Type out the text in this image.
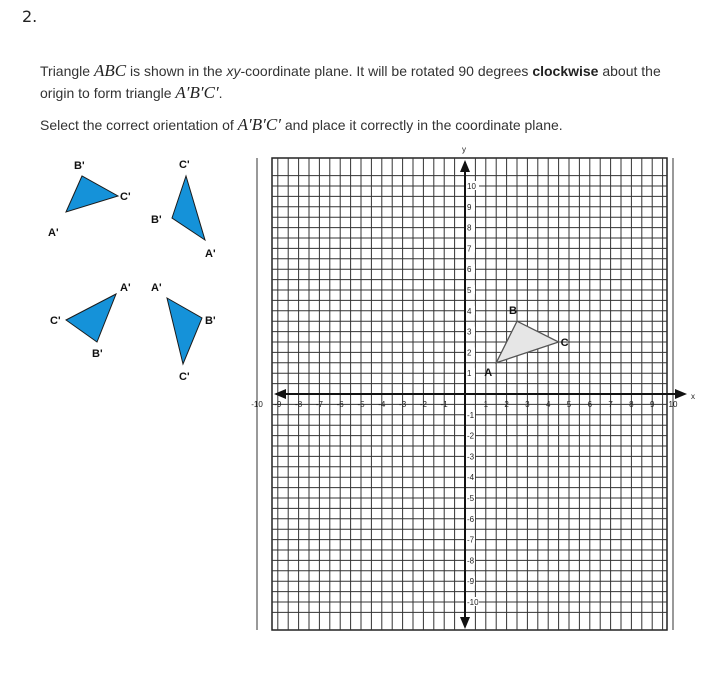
2.

Triangle ABC is shown in the xy-coordinate plane. It will be rotated 90 degrees clockwise about the origin to form triangle A′B′C′.

Select the correct orientation of A′B′C′ and place it correctly in the coordinate plane.

A'
B'
C'
A'
B'
C'
A'
B'
C'
A'
B'
C'
-10 -9 -8 -7 -6 -5 -4 -3 -2 -1	1 2 3 4 5 6 7 8 9 10
-10
-9
-8
-7
-6
-5
-4
-3
-2
-1
1
2
3
4
5
6
7
8
9
10
A
B
C
x
y
